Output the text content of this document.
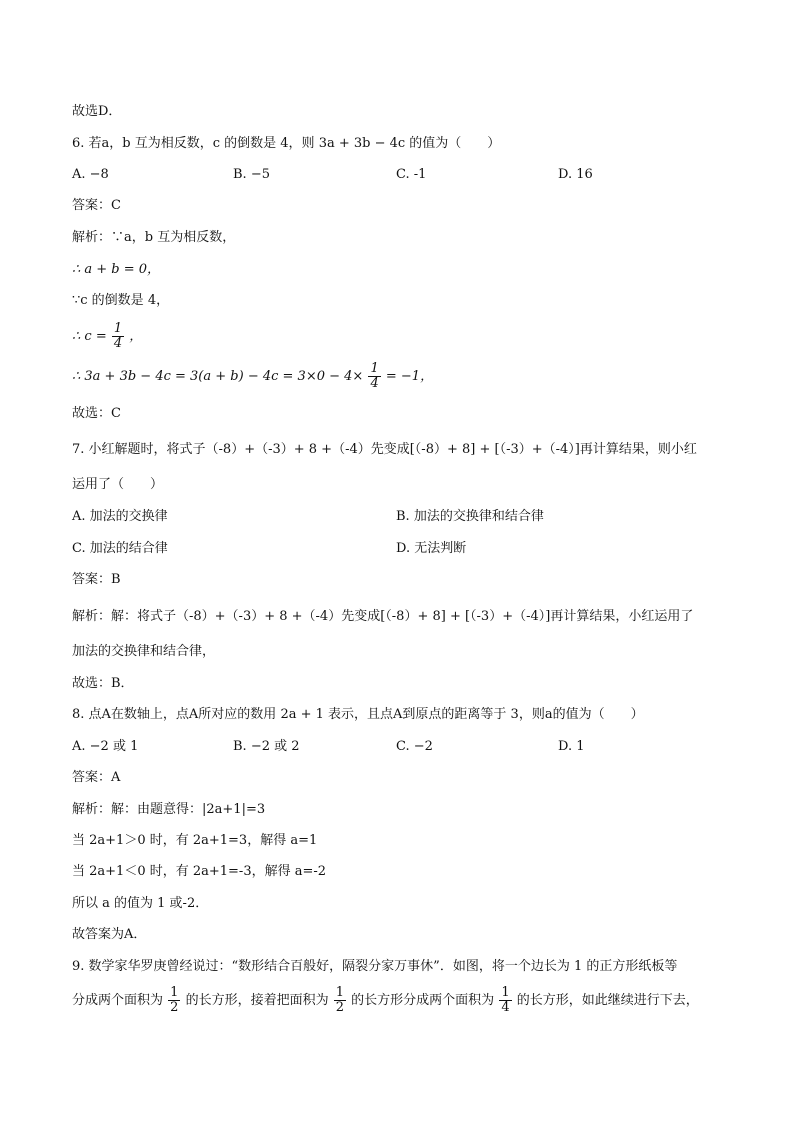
故选D．
6. 若a，b 互为相反数，c 的倒数是 4，则 3a + 3b − 4c 的值为（　　）
A. −8	B. −5	C. -1	D. 16
答案：C
解析：∵a，b 互为相反数，
∴ a + b = 0，
∵c 的倒数是 4，
∴ $c = \frac{1}{4}$ ，
∴ $3a + 3b - 4c = 3(a + b) - 4c = 3\times 0 - 4\times \frac{1}{4} = -1$，
故选：C
7. 小红解题时，将式子（-8）+（-3）+ 8 +（-4）先变成[（-8）+ 8] + [（-3）+（-4）]再计算结果，则小红
运用了（　　）
A. 加法的交换律	B. 加法的交换律和结合律
C. 加法的结合律	D. 无法判断
答案：B
解析：解：将式子（-8）+（-3）+ 8 +（-4）先变成[（-8）+ 8] + [（-3）+（-4）]再计算结果，小红运用了
加法的交换律和结合律，
故选：B．
8. 点A在数轴上，点A所对应的数用 2a + 1 表示，且点A到原点的距离等于 3，则a的值为（　　）
A. −2 或 1	B. −2 或 2	C. −2	D. 1
答案：A
解析：解：由题意得：|2a+1|=3
当 2a+1＞0 时，有 2a+1=3，解得 a=1
当 2a+1＜0 时，有 2a+1=-3，解得 a=-2
所以 a 的值为 1 或-2．
故答案为A．
9. 数学家华罗庚曾经说过：“数形结合百般好，隔裂分家万事休”．如图，将一个边长为 1 的正方形纸板等
分成两个面积为 $\frac{1}{2}$ 的长方形，接着把面积为 $\frac{1}{2}$ 的长方形分成两个面积为 $\frac{1}{4}$ 的长方形，如此继续进行下去，
